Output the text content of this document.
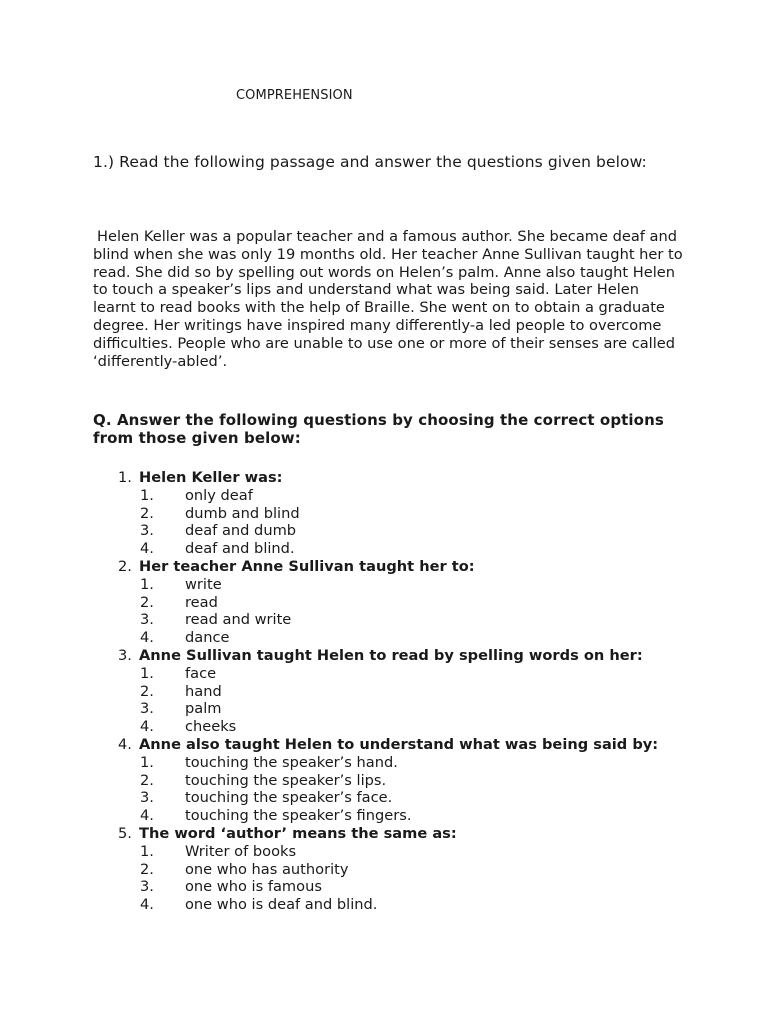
COMPREHENSION
1.) Read the following passage and answer the questions given below:
Helen Keller was a popular teacher and a famous author. She became deaf and blind when she was only 19 months old. Her teacher Anne Sullivan taught her to read. She did so by spelling out words on Helen’s palm. Anne also taught Helen to touch a speaker’s lips and understand what was being said. Later Helen learnt to read books with the help of Braille. She went on to obtain a graduate degree. Her writings have inspired many differently-a led people to overcome difficulties. People who are unable to use one or more of their senses are called ‘differently-abled’.
Q. Answer the following questions by choosing the correct options from those given below:
1. Helen Keller was:
1. only deaf
2. dumb and blind
3. deaf and dumb
4. deaf and blind.
2. Her teacher Anne Sullivan taught her to:
1. write
2. read
3. read and write
4. dance
3. Anne Sullivan taught Helen to read by spelling words on her:
1. face
2. hand
3. palm
4. cheeks
4. Anne also taught Helen to understand what was being said by:
1. touching the speaker’s hand.
2. touching the speaker’s lips.
3. touching the speaker’s face.
4. touching the speaker’s fingers.
5. The word ‘author’ means the same as:
1. Writer of books
2. one who has authority
3. one who is famous
4. one who is deaf and blind.
